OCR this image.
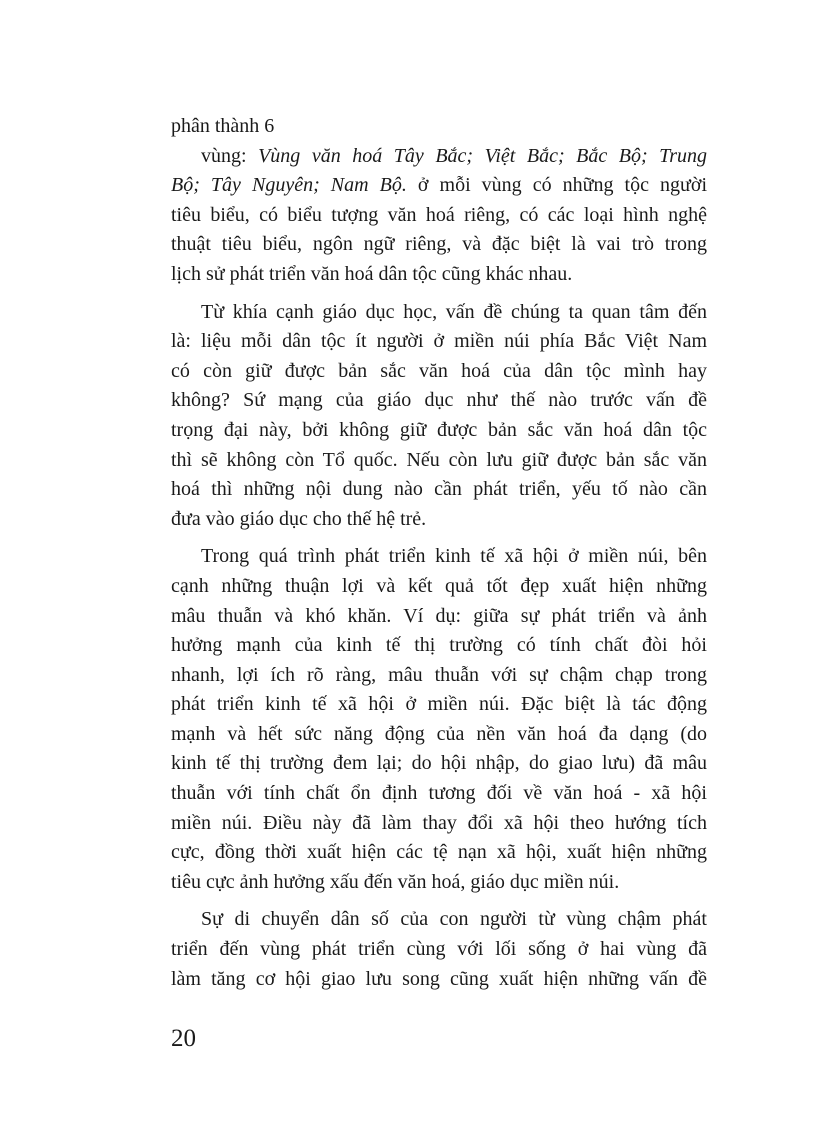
phân thành 6
vùng: Vùng văn hoá Tây Bắc; Việt Bắc; Bắc Bộ; Trung
Bộ; Tây Nguyên; Nam Bộ. ở mỗi vùng có những tộc người
tiêu biểu, có biểu tượng văn hoá riêng, có các loại hình nghệ
thuật tiêu biểu, ngôn ngữ riêng, và đặc biệt là vai trò trong
lịch sử phát triển văn hoá dân tộc cũng khác nhau.
Từ khía cạnh giáo dục học, vấn đề chúng ta quan tâm đến
là: liệu mỗi dân tộc ít người ở miền núi phía Bắc Việt Nam
có còn giữ được bản sắc văn hoá của dân tộc mình hay
không? Sứ mạng của giáo dục như thế nào trước vấn đề
trọng đại này, bởi không giữ được bản sắc văn hoá dân tộc
thì sẽ không còn Tổ quốc. Nếu còn lưu giữ được bản sắc văn
hoá thì những nội dung nào cần phát triển, yếu tố nào cần
đưa vào giáo dục cho thế hệ trẻ.
Trong quá trình phát triển kinh tế xã hội ở miền núi, bên
cạnh những thuận lợi và kết quả tốt đẹp xuất hiện những
mâu thuẫn và khó khăn. Ví dụ: giữa sự phát triển và ảnh
hưởng mạnh của kinh tế thị trường có tính chất đòi hỏi
nhanh, lợi ích rõ ràng, mâu thuẫn với sự chậm chạp trong
phát triển kinh tế xã hội ở miền núi. Đặc biệt là tác động
mạnh và hết sức năng động của nền văn hoá đa dạng (do
kinh tế thị trường đem lại; do hội nhập, do giao lưu) đã mâu
thuẫn với tính chất ổn định tương đối về văn hoá - xã hội
miền núi. Điều này đã làm thay đổi xã hội theo hướng tích
cực, đồng thời xuất hiện các tệ nạn xã hội, xuất hiện những
tiêu cực ảnh hưởng xấu đến văn hoá, giáo dục miền núi.
Sự di chuyển dân số của con người từ vùng chậm phát
triển đến vùng phát triển cùng với lối sống ở hai vùng đã
làm tăng cơ hội giao lưu song cũng xuất hiện những vấn đề
20
